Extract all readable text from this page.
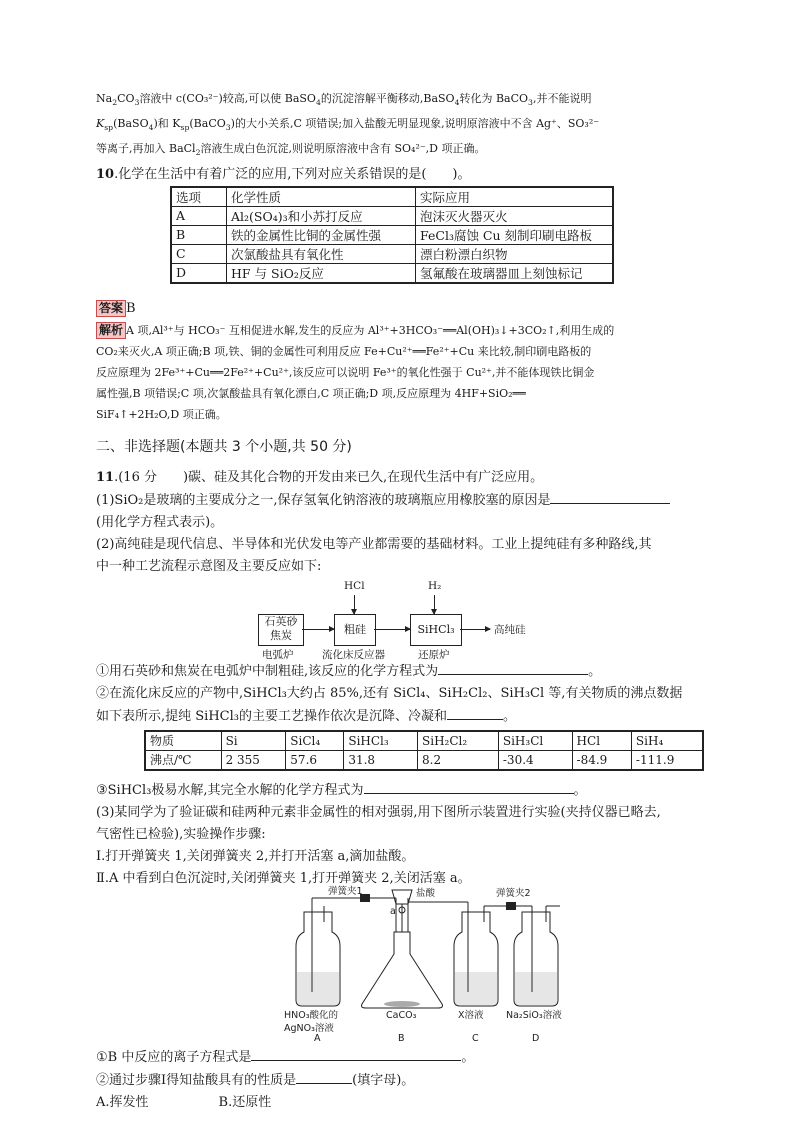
$Na_2CO_3$溶液中 c(CO₃²⁻)较高,可以使 BaSO$_4$的沉淀溶解平衡移动,BaSO$_4$转化为 BaCO$_3$,并不能说明
$K_{sp}(BaSO_4)$和 $K_{sp}(BaCO_3)$的大小关系,C 项错误;加入盐酸无明显现象,说明原溶液中不含 Ag⁺、SO₃²⁻
等离子,再加入 BaCl$_2$溶液生成白色沉淀,则说明原溶液中含有 SO₄²⁻,D 项正确。
10.化学在生活中有着广泛的应用,下列对应关系错误的是(　　)。
选项	化学性质	实际应用
A	Al₂(SO₄)₃和小苏打反应	泡沫灭火器灭火
B	铁的金属性比铜的金属性强	FeCl₃腐蚀 Cu 刻制印刷电路板
C	次氯酸盐具有氧化性	漂白粉漂白织物
D	HF 与 SiO₂反应	氢氟酸在玻璃器皿上刻蚀标记
答案 B
解析 A 项,Al³⁺与 HCO₃⁻ 互相促进水解,发生的反应为 Al³⁺+3HCO₃⁻══Al(OH)₃↓+3CO₂↑,利用生成的
CO₂来灭火,A 项正确;B 项,铁、铜的金属性可利用反应 Fe+Cu²⁺══Fe²⁺+Cu 来比较,制印刷电路板的
反应原理为 2Fe³⁺+Cu══2Fe²⁺+Cu²⁺,该反应可以说明 Fe³⁺的氧化性强于 Cu²⁺,并不能体现铁比铜金
属性强,B 项错误;C 项,次氯酸盐具有氧化漂白,C 项正确;D 项,反应原理为 4HF+SiO₂══
SiF₄↑+2H₂O,D 项正确。
二、非选择题(本题共 3 个小题,共 50 分)
11.(16 分　　)碳、硅及其化合物的开发由来已久,在现代生活中有广泛应用。
(1)SiO₂是玻璃的主要成分之一,保存氢氧化钠溶液的玻璃瓶应用橡胶塞的原因是
(用化学方程式表示)。
(2)高纯硅是现代信息、半导体和光伏发电等产业都需要的基础材料。工业上提纯硅有多种路线,其
中一种工艺流程示意图及主要反应如下:
HCl	H₂
石英砂
焦炭	粗硅	SiHCl₃	高纯硅
电弧炉	流化床反应器	还原炉
①用石英砂和焦炭在电弧炉中制粗硅,该反应的化学方程式为	。
②在流化床反应的产物中,SiHCl₃大约占 85%,还有 SiCl₄、SiH₂Cl₂、SiH₃Cl 等,有关物质的沸点数据
如下表所示,提纯 SiHCl₃的主要工艺操作依次是沉降、冷凝和	。
物质	Si	SiCl₄	SiHCl₃	SiH₂Cl₂	SiH₃Cl	HCl	SiH₄
沸点/℃	2 355	57.6	31.8	8.2	-30.4	-84.9	-111.9
③SiHCl₃极易水解,其完全水解的化学方程式为	。
(3)某同学为了验证碳和硅两种元素非金属性的相对强弱,用下图所示装置进行实验(夹持仪器已略去,
气密性已检验),实验操作步骤:
Ⅰ.打开弹簧夹 1,关闭弹簧夹 2,并打开活塞 a,滴加盐酸。
Ⅱ.A 中看到白色沉淀时,关闭弹簧夹 1,打开弹簧夹 2,关闭活塞 a。
弹簧夹1	弹簧夹2
盐酸
a
HNO₃酸化的	CaCO₃	X溶液 Na₂SiO₃溶液
AgNO₃溶液
A	B	C	D
①B 中反应的离子方程式是	。
②通过步骤Ⅰ得知盐酸具有的性质是	(填字母)。
A.挥发性	B.还原性
